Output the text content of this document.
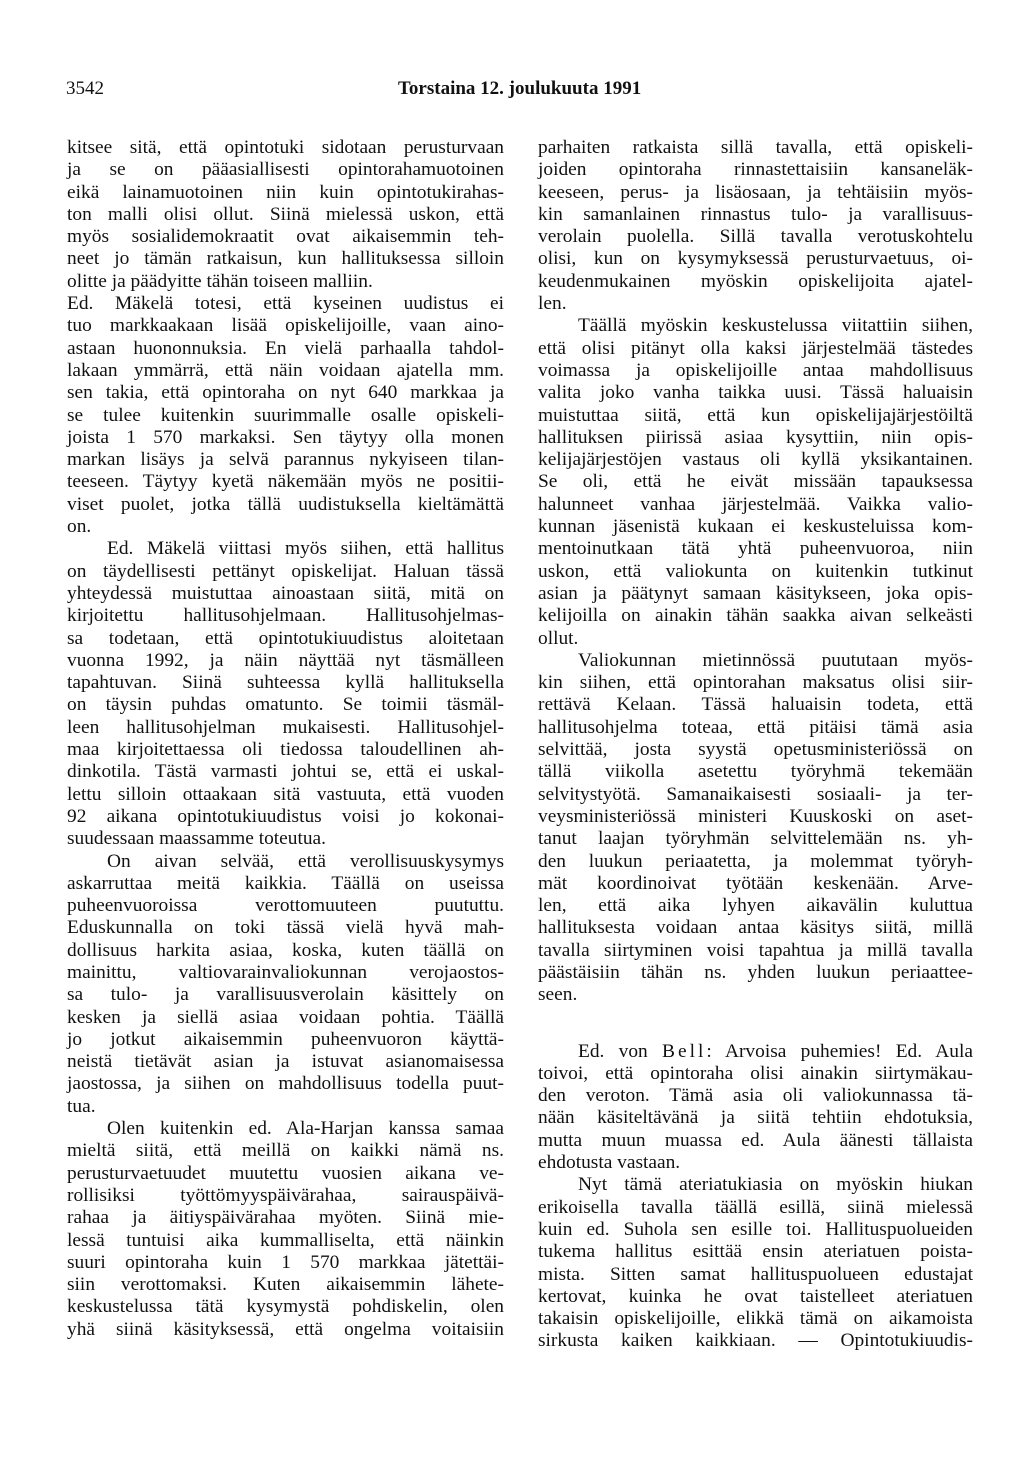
3542	Torstaina 12. joulukuuta 1991
kitsee sitä, että opintotuki sidotaan perusturvaan
ja se on pääasiallisesti opintorahamuotoinen
eikä lainamuotoinen niin kuin opintotukirahas-
ton malli olisi ollut. Siinä mielessä uskon, että
myös sosialidemokraatit ovat aikaisemmin teh-
neet jo tämän ratkaisun, kun hallituksessa silloin
olitte ja päädyitte tähän toiseen malliin.
Ed. Mäkelä totesi, että kyseinen uudistus ei
tuo markkaakaan lisää opiskelijoille, vaan aino-
astaan huononnuksia. En vielä parhaalla tahdol-
lakaan ymmärrä, että näin voidaan ajatella mm.
sen takia, että opintoraha on nyt 640 markkaa ja
se tulee kuitenkin suurimmalle osalle opiskeli-
joista 1 570 markaksi. Sen täytyy olla monen
markan lisäys ja selvä parannus nykyiseen tilan-
teeseen. Täytyy kyetä näkemään myös ne positii-
viset puolet, jotka tällä uudistuksella kieltämättä
on.
Ed. Mäkelä viittasi myös siihen, että hallitus
on täydellisesti pettänyt opiskelijat. Haluan tässä
yhteydessä muistuttaa ainoastaan siitä, mitä on
kirjoitettu hallitusohjelmaan. Hallitusohjelmas-
sa todetaan, että opintotukiuudistus aloitetaan
vuonna 1992, ja näin näyttää nyt täsmälleen
tapahtuvan. Siinä suhteessa kyllä hallituksella
on täysin puhdas omatunto. Se toimii täsmäl-
leen hallitusohjelman mukaisesti. Hallitusohjel-
maa kirjoitettaessa oli tiedossa taloudellinen ah-
dinkotila. Tästä varmasti johtui se, että ei uskal-
lettu silloin ottaakaan sitä vastuuta, että vuoden
92 aikana opintotukiuudistus voisi jo kokonai-
suudessaan maassamme toteutua.
On aivan selvää, että verollisuuskysymys
askarruttaa meitä kaikkia. Täällä on useissa
puheenvuoroissa verottomuuteen puututtu.
Eduskunnalla on toki tässä vielä hyvä mah-
dollisuus harkita asiaa, koska, kuten täällä on
mainittu, valtiovarainvaliokunnan verojaostos-
sa tulo- ja varallisuusverolain käsittely on
kesken ja siellä asiaa voidaan pohtia. Täällä
jo jotkut aikaisemmin puheenvuoron käyttä-
neistä tietävät asian ja istuvat asianomaisessa
jaostossa, ja siihen on mahdollisuus todella puut-
tua.
Olen kuitenkin ed. Ala-Harjan kanssa samaa
mieltä siitä, että meillä on kaikki nämä ns.
perusturvaetuudet muutettu vuosien aikana ve-
rollisiksi työttömyyspäivärahaa, sairauspäivä-
rahaa ja äitiyspäivärahaa myöten. Siinä mie-
lessä tuntuisi aika kummalliselta, että näinkin
suuri opintoraha kuin 1 570 markkaa jätettäi-
siin verottomaksi. Kuten aikaisemmin lähete-
keskustelussa tätä kysymystä pohdiskelin, olen
yhä siinä käsityksessä, että ongelma voitaisiin
parhaiten ratkaista sillä tavalla, että opiskeli-
joiden opintoraha rinnastettaisiin kansaneläk-
keeseen, perus- ja lisäosaan, ja tehtäisiin myös-
kin samanlainen rinnastus tulo- ja varallisuus-
verolain puolella. Sillä tavalla verotuskohtelu
olisi, kun on kysymyksessä perusturvaetuus, oi-
keudenmukainen myöskin opiskelijoita ajatel-
len.
Täällä myöskin keskustelussa viitattiin siihen,
että olisi pitänyt olla kaksi järjestelmää tästedes
voimassa ja opiskelijoille antaa mahdollisuus
valita joko vanha taikka uusi. Tässä haluaisin
muistuttaa siitä, että kun opiskelijajärjestöiltä
hallituksen piirissä asiaa kysyttiin, niin opis-
kelijajärjestöjen vastaus oli kyllä yksikantainen.
Se oli, että he eivät missään tapauksessa
halunneet vanhaa järjestelmää. Vaikka valio-
kunnan jäsenistä kukaan ei keskusteluissa kom-
mentoinutkaan tätä yhtä puheenvuoroa, niin
uskon, että valiokunta on kuitenkin tutkinut
asian ja päätynyt samaan käsitykseen, joka opis-
kelijoilla on ainakin tähän saakka aivan selkeästi
ollut.
Valiokunnan mietinnössä puututaan myös-
kin siihen, että opintorahan maksatus olisi siir-
rettävä Kelaan. Tässä haluaisin todeta, että
hallitusohjelma toteaa, että pitäisi tämä asia
selvittää, josta syystä opetusministeriössä on
tällä viikolla asetettu työryhmä tekemään
selvitystyötä. Samanaikaisesti sosiaali- ja ter-
veysministeriössä ministeri Kuuskoski on aset-
tanut laajan työryhmän selvittelemään ns. yh-
den luukun periaatetta, ja molemmat työryh-
mät koordinoivat työtään keskenään. Arve-
len, että aika lyhyen aikavälin kuluttua
hallituksesta voidaan antaa käsitys siitä, millä
tavalla siirtyminen voisi tapahtua ja millä tavalla
päästäisiin tähän ns. yhden luukun periaattee-
seen.
Ed. von Bell: Arvoisa puhemies! Ed. Aula
toivoi, että opintoraha olisi ainakin siirtymäkau-
den veroton. Tämä asia oli valiokunnassa tä-
nään käsiteltävänä ja siitä tehtiin ehdotuksia,
mutta muun muassa ed. Aula äänesti tällaista
ehdotusta vastaan.
Nyt tämä ateriatukiasia on myöskin hiukan
erikoisella tavalla täällä esillä, siinä mielessä
kuin ed. Suhola sen esille toi. Hallituspuolueiden
tukema hallitus esittää ensin ateriatuen poista-
mista. Sitten samat hallituspuolueen edustajat
kertovat, kuinka he ovat taistelleet ateriatuen
takaisin opiskelijoille, elikkä tämä on aikamoista
sirkusta kaiken kaikkiaan. — Opintotukiuudis-
